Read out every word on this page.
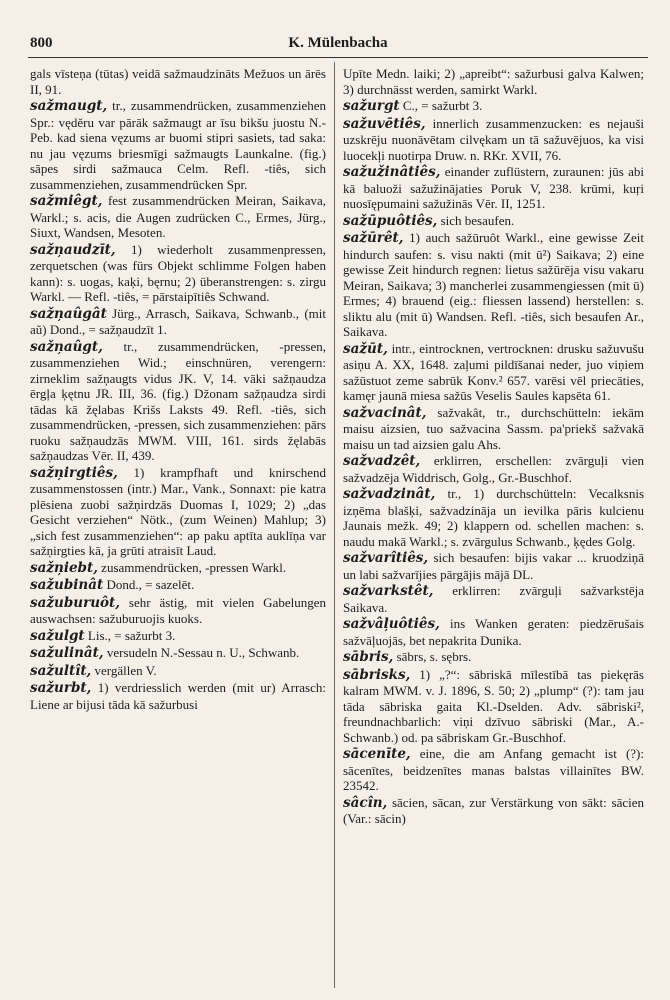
800	K. Mülenbacha

gals vīsteņa (tūtas) veidā sažmaudzināts Mežuos un ārēs II, 91.

sažmaugt, tr., zusammendrücken, zusammenziehen Spr.: vęděru var pārāk sažmaugt ar īsu bikšu juostu N.-Peb. kad siena vęzums ar buomi stipri sasiets, tad saka: nu jau vęzums briesmīgi sažmaugts Launkalne. (fig.) sāpes sirdi sažmauca Celm. Refl. -tiês, sich zusammenziehen, zusammendrücken Spr.

sažmiêgt, fest zusammendrücken Meiran, Saikava, Warkl.; s. acis, die Augen zudrücken C., Ermes, Jürg., Siuxt, Wandsen, Mesoten.

sažņaudzīt, 1) wiederholt zusammenpressen, zerquetschen (was fürs Objekt schlimme Folgen haben kann): s. uogas, kaķi, bęrnu; 2) überanstrengen: s. zirgu Warkl. — Refl. -tiês, = pārstaipītiês Schwand.

sažņaûgât Jürg., Arrasch, Saikava, Schwanb., (mit aũ) Dond., = sažņaudzīt 1.

sažņaûgt, tr., zusammendrücken, -pressen, zusammenziehen Wid.; einschnüren, verengern: zirneklim sažņaugts vidus JK. V, 14. vāki sažņaudza ērgļa ķętnu JR. III, 36. (fig.) Džonam sažņaudza sirdi tādas kā žęlabas Krišs Laksts 49. Refl. -tiês, sich zusammendrücken, -pressen, sich zusammenziehen: pārs ruoku sažņaudzās MWM. VIII, 161. sirds žęlabās sažņaudzas Vēr. II, 439.

sažņirgtiês, 1) krampfhaft und knirschend zusammenstossen (intr.) Mar., Vank., Sonnaxt: pie katra plēsiena zuobi sažņirdzās Duomas I, 1029; 2) „das Gesicht verziehen“ Nötk., (zum Weinen) Mahlup; 3) „sich fest zusammenziehen“: ap paku aptīta auklīņa var sažņirgties kā, ja grūti atraisīt Laud.

sažņiebt, zusammendrücken, -pressen Warkl.

sažubinât Dond., = sazelēt.

sažuburuôt, sehr ästig, mit vielen Gabelungen auswachsen: sažuburuojis kuoks.

sažulgt Lis., = sažurbt 3.

sažulinât, versudeln N.-Sessau n. U., Schwanb.

sažultît, vergällen V.

sažurbt, 1) verdriesslich werden (mit ur) Arrasch: Liene ar bijusi tāda kā sažurbusi

Upīte Medn. laiki; 2) „apreibt“: sažurbusi galva Kalwen; 3) durchnässt werden, samirkt Warkl.

sažurgt C., = sažurbt 3.

sažuvētiês, innerlich zusammenzucken: es nejauši uzskrēju nuonāvētam cilvękam un tā sažuvējuos, ka visi luocekļi nuotirpa Druw. n. RKr. XVII, 76.

sažužinâtiês, einander zuflüstern, zuraunen: jūs abi kā baluoži sažužinājaties Poruk V, 238. krūmi, kuŗi nuosīępumaini sažužinās Vēr. II, 1251.

sažūpuôtiês, sich besaufen.

sažūrêt, 1) auch sažūruôt Warkl., eine gewisse Zeit hindurch saufen: s. visu nakti (mit ū²) Saikava; 2) eine gewisse Zeit hindurch regnen: lietus sažūrēja visu vakaru Meiran, Saikava; 3) mancherlei zusammengiessen (mit ū) Ermes; 4) brauend (eig.: fliessen lassend) herstellen: s. sliktu alu (mit ū) Wandsen. Refl. -tiês, sich besaufen Ar., Saikava.

sažūt, intr., eintrocknen, vertrocknen: drusku sažuvušu asiņu A. XX, 1648. zaļumi pildīšanai neder, juo viņiem sažūstuot zeme sabrūk Konv.² 657. varēsi vēl priecāties, kamęr jaunā miesa sažūs Veselis Saules kapsēta 61.

sažvacinât, sažvakât, tr., durchschütteln: iekām maisu aizsien, tuo sažvacina Sassm. pa'priekš sažvakā maisu un tad aizsien galu Ahs.

sažvadzêt, erklirren, erschellen: zvārguļi vien sažvadzēja Widdrisch, Golg., Gr.-Buschhof.

sažvadzinât, tr., 1) durchschütteln: Vecalksnis izņēma blašķi, sažvadzināja un ievilka pāris kulcienu Jaunais mežk. 49; 2) klappern od. schellen machen: s. naudu makā Warkl.; s. zvārgulus Schwanb., ķędes Golg.

sažvarîtiês, sich besaufen: bijis vakar ... kruodziņā un labi sažvarījies pārgājis mājā DL.

sažvarkstêt, erklirren: zvārguļi sažvarkstēja Saikava.

sažvâļuôtiês, ins Wanken geraten: piedzērušais sažvāļuojās, bet nepakrita Dunika.

sābris, sābrs, s. sębrs.

sābrisks, 1) „?“: sābriskā mīlestībā tas piekęrās kalram MWM. v. J. 1896, S. 50; 2) „plump“ (?): tam jau tāda sābriska gaita Kl.-Dselden. Adv. sābriski², freundnachbarlich: viņi dzīvuo sābriski (Mar., A.-Schwanb.) od. pa sābriskam Gr.-Buschhof.

sācenīte, eine, die am Anfang gemacht ist (?): sācenītes, beidzenītes manas balstas villainītes BW. 23542.

sâcîn, sācien, sācan, zur Verstärkung von sākt: sācien (Var.: sācin)
